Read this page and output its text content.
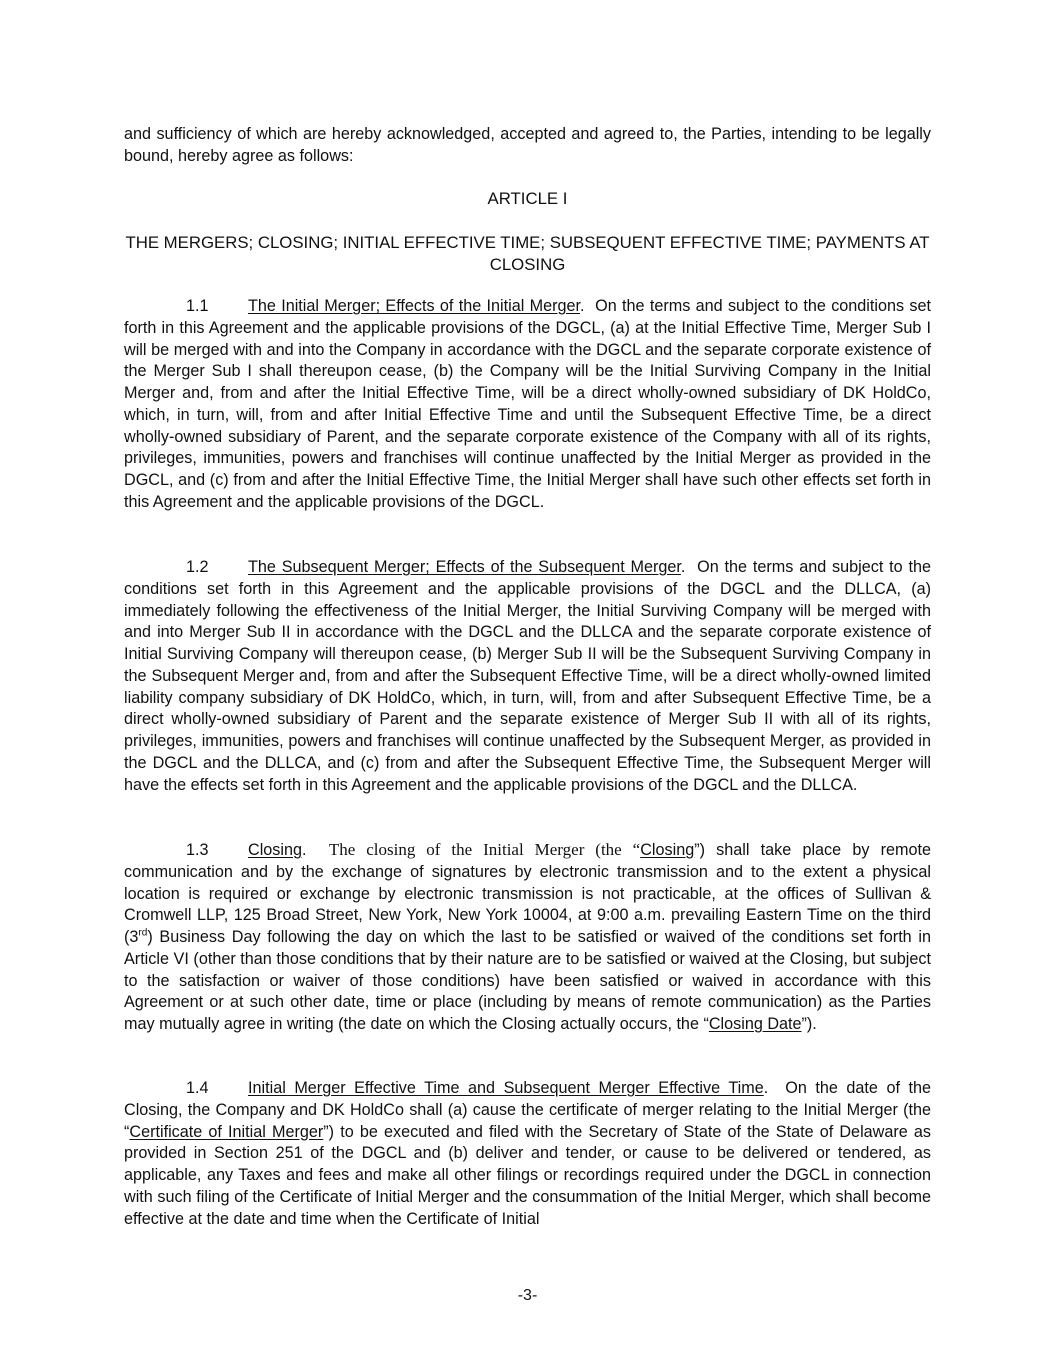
and sufficiency of which are hereby acknowledged, accepted and agreed to, the Parties, intending to be legally bound, hereby agree as follows:

ARTICLE I
THE MERGERS; CLOSING; INITIAL EFFECTIVE TIME; SUBSEQUENT EFFECTIVE TIME; PAYMENTS AT CLOSING

1.1 The Initial Merger; Effects of the Initial Merger.  On the terms and subject to the conditions set forth in this Agreement and the applicable provisions of the DGCL, (a) at the Initial Effective Time, Merger Sub I will be merged with and into the Company in accordance with the DGCL and the separate corporate existence of the Merger Sub I shall thereupon cease, (b) the Company will be the Initial Surviving Company in the Initial Merger and, from and after the Initial Effective Time, will be a direct wholly-owned subsidiary of DK HoldCo, which, in turn, will, from and after Initial Effective Time and until the Subsequent Effective Time, be a direct wholly-owned subsidiary of Parent, and the separate corporate existence of the Company with all of its rights, privileges, immunities, powers and franchises will continue unaffected by the Initial Merger as provided in the DGCL, and (c) from and after the Initial Effective Time, the Initial Merger shall have such other effects set forth in this Agreement and the applicable provisions of the DGCL.

1.2 The Subsequent Merger; Effects of the Subsequent Merger.  On the terms and subject to the conditions set forth in this Agreement and the applicable provisions of the DGCL and the DLLCA, (a) immediately following the effectiveness of the Initial Merger, the Initial Surviving Company will be merged with and into Merger Sub II in accordance with the DGCL and the DLLCA and the separate corporate existence of Initial Surviving Company will thereupon cease, (b) Merger Sub II will be the Subsequent Surviving Company in the Subsequent Merger and, from and after the Subsequent Effective Time, will be a direct wholly-owned limited liability company subsidiary of DK HoldCo, which, in turn, will, from and after Subsequent Effective Time, be a direct wholly-owned subsidiary of Parent and the separate existence of Merger Sub II with all of its rights, privileges, immunities, powers and franchises will continue unaffected by the Subsequent Merger, as provided in the DGCL and the DLLCA, and (c) from and after the Subsequent Effective Time, the Subsequent Merger will have the effects set forth in this Agreement and the applicable provisions of the DGCL and the DLLCA.

1.3 Closing.  The closing of the Initial Merger (the “Closing”) shall take place by remote communication and by the exchange of signatures by electronic transmission and to the extent a physical location is required or exchange by electronic transmission is not practicable, at the offices of Sullivan & Cromwell LLP, 125 Broad Street, New York, New York 10004, at 9:00 a.m. prevailing Eastern Time on the third (3rd) Business Day following the day on which the last to be satisfied or waived of the conditions set forth in Article VI (other than those conditions that by their nature are to be satisfied or waived at the Closing, but subject to the satisfaction or waiver of those conditions) have been satisfied or waived in accordance with this Agreement or at such other date, time or place (including by means of remote communication) as the Parties may mutually agree in writing (the date on which the Closing actually occurs, the “Closing Date”).

1.4 Initial Merger Effective Time and Subsequent Merger Effective Time.  On the date of the Closing, the Company and DK HoldCo shall (a) cause the certificate of merger relating to the Initial Merger (the “Certificate of Initial Merger”) to be executed and filed with the Secretary of State of the State of Delaware as provided in Section 251 of the DGCL and (b) deliver and tender, or cause to be delivered or tendered, as applicable, any Taxes and fees and make all other filings or recordings required under the DGCL in connection with such filing of the Certificate of Initial Merger and the consummation of the Initial Merger, which shall become effective at the date and time when the Certificate of Initial

-3-
